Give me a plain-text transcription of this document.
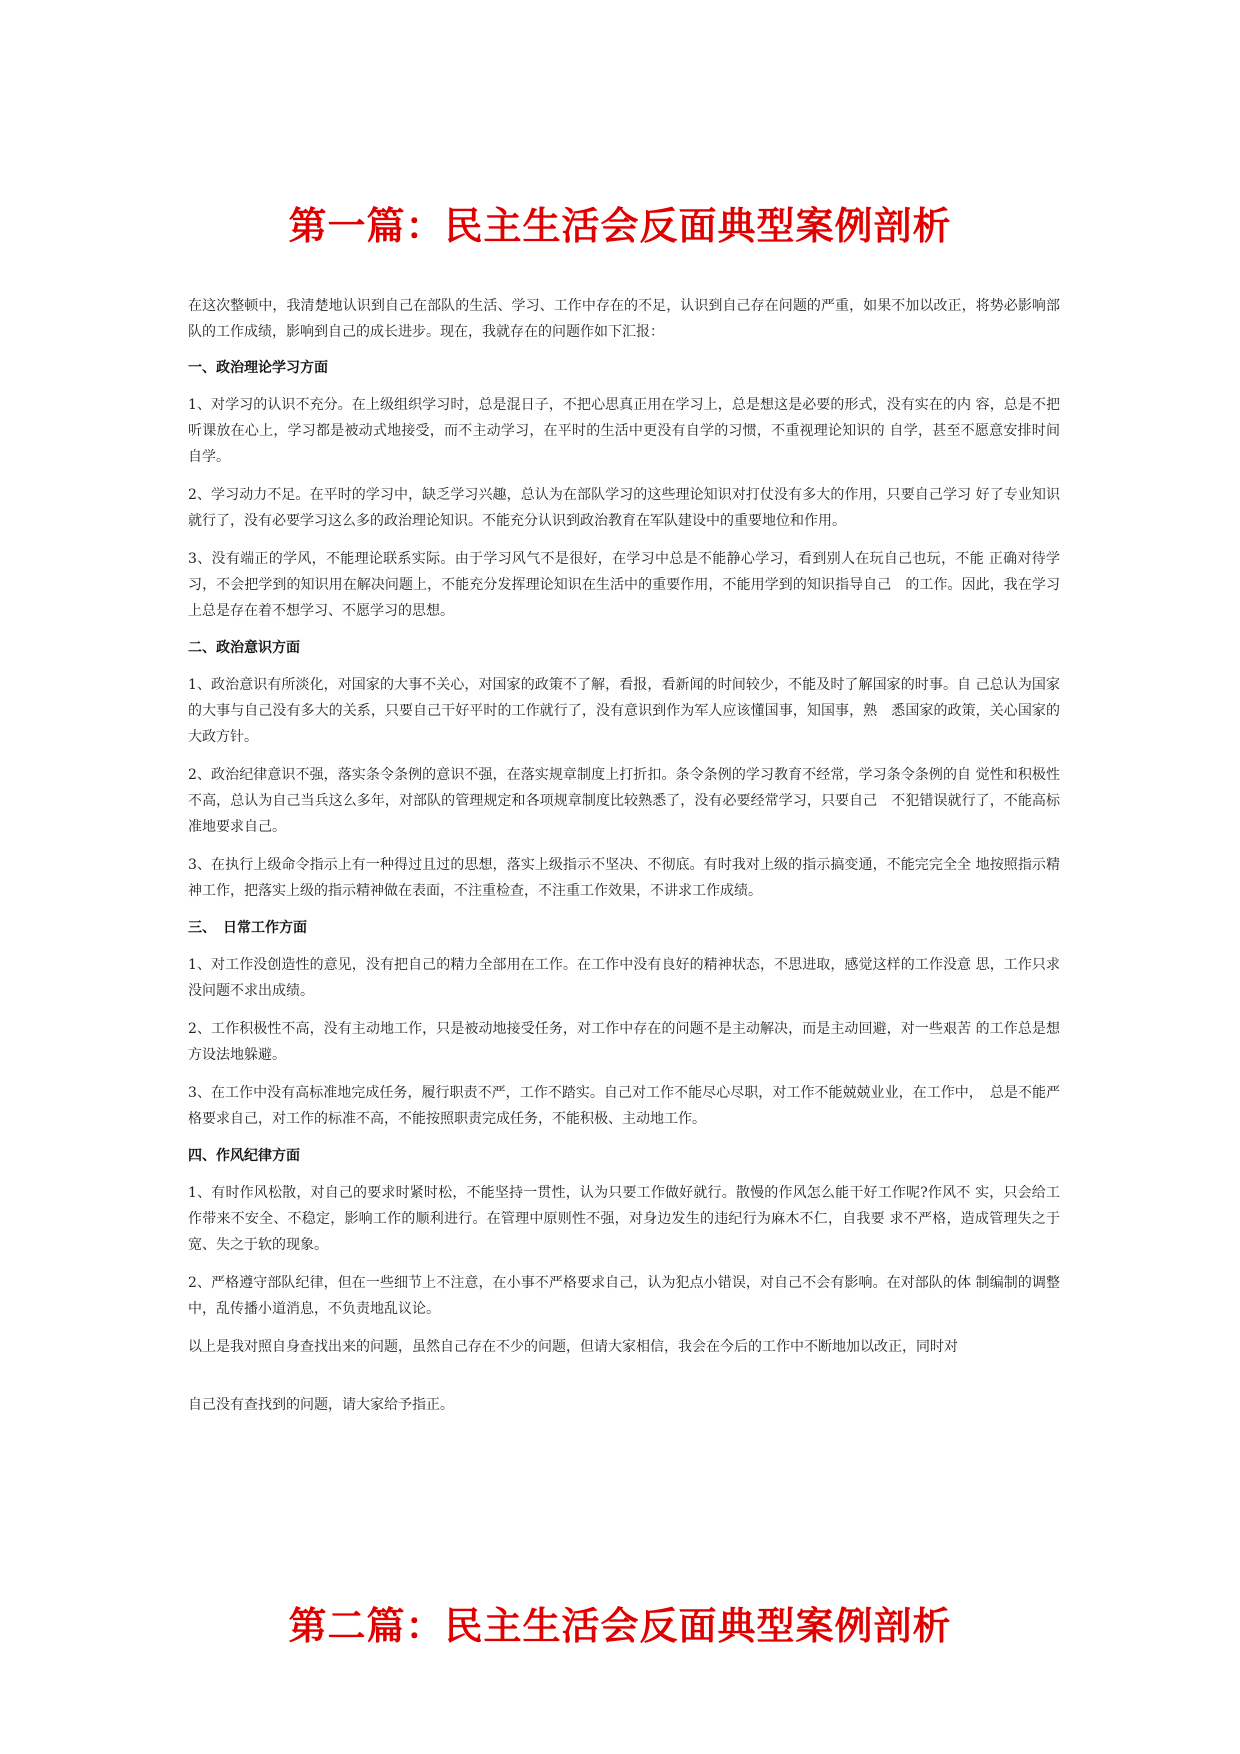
第一篇：民主生活会反面典型案例剖析

在这次整顿中，我清楚地认识到自己在部队的生活、学习、工作中存在的不足，认识到自己存在问题的严重，如果不加以改正，将势必影响部队的工作成绩，影响到自己的成长进步。现在，我就存在的问题作如下汇报：

一、政治理论学习方面

1、对学习的认识不充分。在上级组织学习时，总是混日子，不把心思真正用在学习上，总是想这是必要的形式，没有实在的内 容，总是不把听课放在心上，学习都是被动式地接受，而不主动学习，在平时的生活中更没有自学的习惯，不重视理论知识的 自学，甚至不愿意安排时间自学。

2、学习动力不足。在平时的学习中，缺乏学习兴趣，总认为在部队学习的这些理论知识对打仗没有多大的作用，只要自己学习 好了专业知识就行了，没有必要学习这么多的政治理论知识。不能充分认识到政治教育在军队建设中的重要地位和作用。

3、没有端正的学风，不能理论联系实际。由于学习风气不是很好，在学习中总是不能静心学习，看到别人在玩自己也玩，不能 正确对待学习，不会把学到的知识用在解决问题上，不能充分发挥理论知识在生活中的重要作用，不能用学到的知识指导自己　的工作。因此，我在学习上总是存在着不想学习、不愿学习的思想。

二、政治意识方面

1、政治意识有所淡化，对国家的大事不关心，对国家的政策不了解，看报，看新闻的时间较少，不能及时了解国家的时事。自 己总认为国家的大事与自己没有多大的关系，只要自己干好平时的工作就行了，没有意识到作为军人应该懂国事，知国事，熟　悉国家的政策，关心国家的大政方针。

2、政治纪律意识不强，落实条令条例的意识不强，在落实规章制度上打折扣。条令条例的学习教育不经常，学习条令条例的自 觉性和积极性不高，总认为自己当兵这么多年，对部队的管理规定和各项规章制度比较熟悉了，没有必要经常学习，只要自己　不犯错误就行了，不能高标准地要求自己。

3、在执行上级命令指示上有一种得过且过的思想，落实上级指示不坚决、不彻底。有时我对上级的指示搞变通，不能完完全全 地按照指示精神工作，把落实上级的指示精神做在表面，不注重检查，不注重工作效果，不讲求工作成绩。

三、　日常工作方面

1、对工作没创造性的意见，没有把自己的精力全部用在工作。在工作中没有良好的精神状态，不思进取，感觉这样的工作没意 思，工作只求没问题不求出成绩。

2、工作积极性不高，没有主动地工作，只是被动地接受任务，对工作中存在的问题不是主动解决，而是主动回避，对一些艰苦 的工作总是想方设法地躲避。

3、在工作中没有高标准地完成任务，履行职责不严，工作不踏实。自己对工作不能尽心尽职，对工作不能兢兢业业，在工作中，　总是不能严格要求自己，对工作的标准不高，不能按照职责完成任务，不能积极、主动地工作。

四、作风纪律方面

1、有时作风松散，对自己的要求时紧时松，不能坚持一贯性，认为只要工作做好就行。散慢的作风怎么能干好工作呢?作风不 实，只会给工作带来不安全、不稳定，影响工作的顺利进行。在管理中原则性不强，对身边发生的违纪行为麻木不仁，自我要 求不严格，造成管理失之于宽、失之于软的现象。

2、严格遵守部队纪律，但在一些细节上不注意，在小事不严格要求自己，认为犯点小错误，对自己不会有影响。在对部队的体 制编制的调整中，乱传播小道消息，不负责地乱议论。

以上是我对照自身查找出来的问题，虽然自己存在不少的问题，但请大家相信，我会在今后的工作中不断地加以改正，同时对

自己没有查找到的问题，请大家给予指正。

第二篇：民主生活会反面典型案例剖析
